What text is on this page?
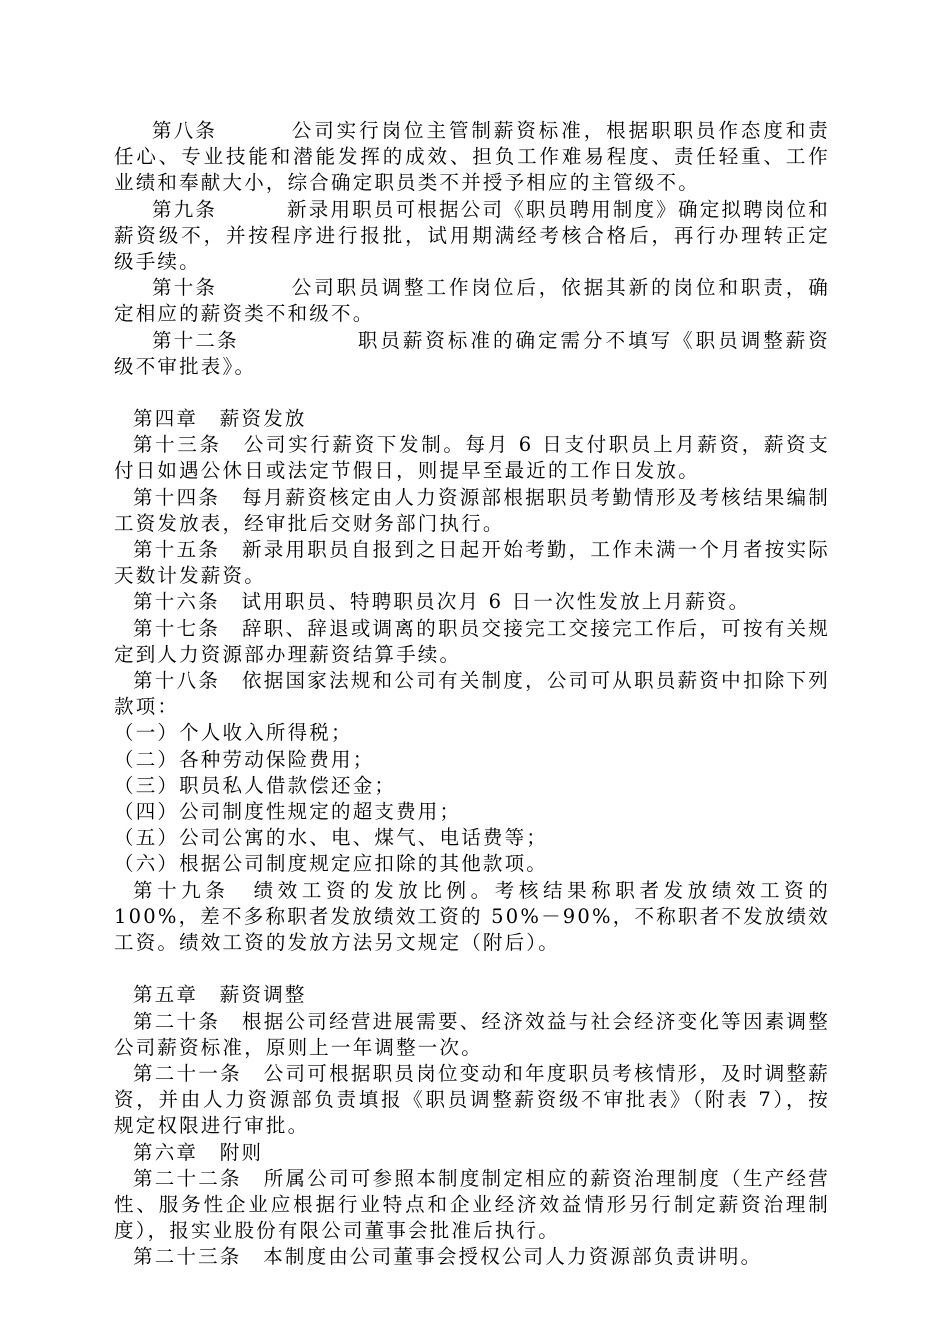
第八条	公司实行岗位主管制薪资标准，根据职职员作态度和责任心、专业技能和潜能发挥的成效、担负工作难易程度、责任轻重、工作业绩和奉献大小，综合确定职员类不并授予相应的主管级不。

第九条	新录用职员可根据公司《职员聘用制度》确定拟聘岗位和薪资级不，并按程序进行报批，试用期满经考核合格后，再行办理转正定级手续。

第十条	公司职员调整工作岗位后，依据其新的岗位和职责，确定相应的薪资类不和级不。

第十二条	职员薪资标准的确定需分不填写《职员调整薪资级不审批表》。

第四章　薪资发放

第十三条　 公司实行薪资下发制。每月 6 日支付职员上月薪资，薪资支付日如遇公休日或法定节假日，则提早至最近的工作日发放。

第十四条　 每月薪资核定由人力资源部根据职员考勤情形及考核结果编制工资发放表，经审批后交财务部门执行。

第十五条　 新录用职员自报到之日起开始考勤，工作未满一个月者按实际天数计发薪资。

第十六条　 试用职员、特聘职员次月 6 日一次性发放上月薪资。

第十七条　 辞职、辞退或调离的职员交接完工交接完工作后，可按有关规定到人力资源部办理薪资结算手续。

第十八条　 依据国家法规和公司有关制度，公司可从职员薪资中扣除下列款项：

（一）个人收入所得税；

（二）各种劳动保险费用；

（三）职员私人借款偿还金；

（四）公司制度性规定的超支费用；

（五）公司公寓的水、电、煤气、电话费等；

（六）根据公司制度规定应扣除的其他款项。

第十九条　 绩效工资的发放比例。考核结果称职者发放绩效工资的 100%，差不多称职者发放绩效工资的 50%－90%，不称职者不发放绩效工资。绩效工资的发放方法另文规定（附后）。

第五章　薪资调整

第二十条　 根据公司经营进展需要、经济效益与社会经济变化等因素调整公司薪资标准，原则上一年调整一次。

第二十一条　 公司可根据职员岗位变动和年度职员考核情形，及时调整薪资，并由人力资源部负责填报《职员调整薪资级不审批表》（附表 7），按规定权限进行审批。

第六章　附则

第二十二条　 所属公司可参照本制度制定相应的薪资治理制度（生产经营性、服务性企业应根据行业特点和企业经济效益情形另行制定薪资治理制度），报实业股份有限公司董事会批准后执行。

第二十三条　 本制度由公司董事会授权公司人力资源部负责讲明。
